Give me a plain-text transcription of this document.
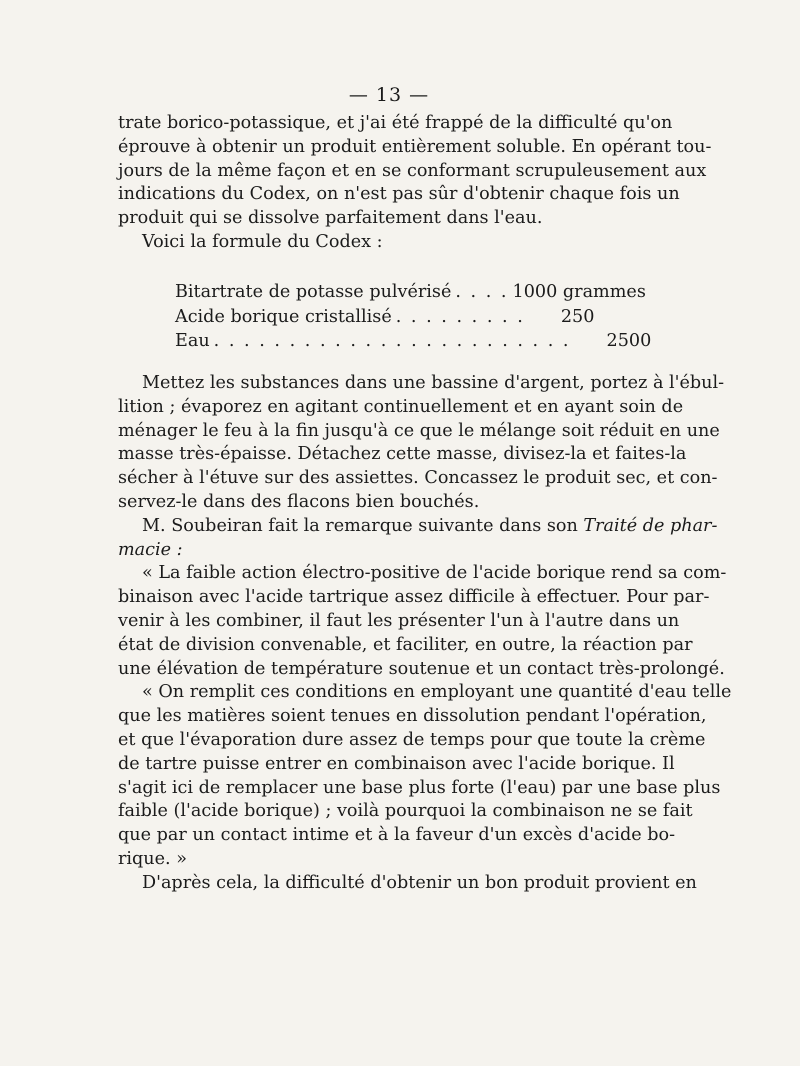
— 13 —
trate borico-potassique, et j'ai été frappé de la difficulté qu'on
éprouve à obtenir un produit entièrement soluble. En opérant tou-
jours de la même façon et en se conformant scrupuleusement aux
indications du Codex, on n'est pas sûr d'obtenir chaque fois un
produit qui se dissolve parfaitement dans l'eau.
Voici la formule du Codex :
Bitartrate de potasse pulvérisé . . . . 1000 grammes
Acide borique cristallisé . . . . . . . . .	250
Eau . . . . . . . . . . . . . . . . . . . . . . . .	2500
Mettez les substances dans une bassine d'argent, portez à l'ébul-
lition ; évaporez en agitant continuellement et en ayant soin de
ménager le feu à la fin jusqu'à ce que le mélange soit réduit en une
masse très-épaisse. Détachez cette masse, divisez-la et faites-la
sécher à l'étuve sur des assiettes. Concassez le produit sec, et con-
servez-le dans des flacons bien bouchés.
M. Soubeiran fait la remarque suivante dans son Traité de phar-
macie :
« La faible action électro-positive de l'acide borique rend sa com-
binaison avec l'acide tartrique assez difficile à effectuer. Pour par-
venir à les combiner, il faut les présenter l'un à l'autre dans un
état de division convenable, et faciliter, en outre, la réaction par
une élévation de température soutenue et un contact très-prolongé.
« On remplit ces conditions en employant une quantité d'eau telle
que les matières soient tenues en dissolution pendant l'opération,
et que l'évaporation dure assez de temps pour que toute la crème
de tartre puisse entrer en combinaison avec l'acide borique. Il
s'agit ici de remplacer une base plus forte (l'eau) par une base plus
faible (l'acide borique) ; voilà pourquoi la combinaison ne se fait
que par un contact intime et à la faveur d'un excès d'acide bo-
rique. »
D'après cela, la difficulté d'obtenir un bon produit provient en
